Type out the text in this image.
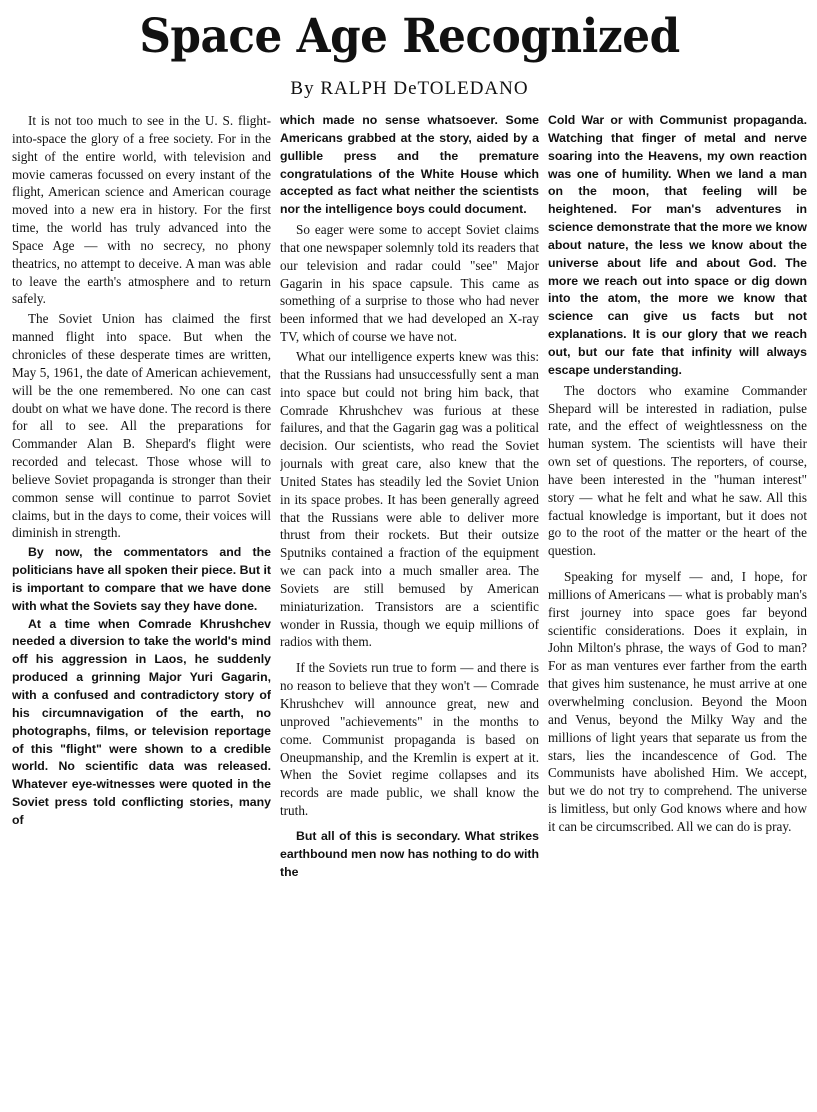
Space Age Recognized
By RALPH DeTOLEDANO

It is not too much to see in the U. S. flight-into-space the glory of a free society. For in the sight of the entire world, with television and movie cameras focussed on every instant of the flight, American science and American courage moved into a new era in history. For the first time, the world has truly advanced into the Space Age — with no secrecy, no phony theatrics, no attempt to deceive. A man was able to leave the earth's atmosphere and to return safely.

The Soviet Union has claimed the first manned flight into space. But when the chronicles of these desperate times are written, May 5, 1961, the date of American achievement, will be the one remembered. No one can cast doubt on what we have done. The record is there for all to see. All the preparations for Commander Alan B. Shepard's flight were recorded and telecast. Those whose will to believe Soviet propaganda is stronger than their common sense will continue to parrot Soviet claims, but in the days to come, their voices will diminish in strength.

By now, the commentators and the politicians have all spoken their piece. But it is important to compare that we have done with what the Soviets say they have done.

At a time when Comrade Khrushchev needed a diversion to take the world's mind off his aggression in Laos, he suddenly produced a grinning Major Yuri Gagarin, with a confused and contradictory story of his circumnavigation of the earth, no photographs, films, or television reportage of this "flight" were shown to a credible world. No scientific data was released. Whatever eye-witnesses were quoted in the Soviet press told conflicting stories, many of

which made no sense whatsoever. Some Americans grabbed at the story, aided by a gullible press and the premature congratulations of the White House which accepted as fact what neither the scientists nor the intelligence boys could document.

So eager were some to accept Soviet claims that one newspaper solemnly told its readers that our television and radar could "see" Major Gagarin in his space capsule. This came as something of a surprise to those who had never been informed that we had developed an X-ray TV, which of course we have not.

What our intelligence experts knew was this: that the Russians had unsuccessfully sent a man into space but could not bring him back, that Comrade Khrushchev was furious at these failures, and that the Gagarin gag was a political decision. Our scientists, who read the Soviet journals with great care, also knew that the United States has steadily led the Soviet Union in its space probes. It has been generally agreed that the Russians were able to deliver more thrust from their rockets. But their outsize Sputniks contained a fraction of the equipment we can pack into a much smaller area. The Soviets are still bemused by American miniaturization. Transistors are a scientific wonder in Russia, though we equip millions of radios with them.

If the Soviets run true to form — and there is no reason to believe that they won't — Comrade Khrushchev will announce great, new and unproved "achievements" in the months to come. Communist propaganda is based on Oneupmanship, and the Kremlin is expert at it. When the Soviet regime collapses and its records are made public, we shall know the truth.

But all of this is secondary. What strikes earthbound men now has nothing to do with the

Cold War or with Communist propaganda. Watching that finger of metal and nerve soaring into the Heavens, my own reaction was one of humility. When we land a man on the moon, that feeling will be heightened. For man's adventures in science demonstrate that the more we know about nature, the less we know about the universe about life and about God. The more we reach out into space or dig down into the atom, the more we know that science can give us facts but not explanations. It is our glory that we reach out, but our fate that infinity will always escape understanding.

The doctors who examine Commander Shepard will be interested in radiation, pulse rate, and the effect of weightlessness on the human system. The scientists will have their own set of questions. The reporters, of course, have been interested in the "human interest" story — what he felt and what he saw. All this factual knowledge is important, but it does not go to the root of the matter or the heart of the question.

Speaking for myself — and, I hope, for millions of Americans — what is probably man's first journey into space goes far beyond scientific considerations. Does it explain, in John Milton's phrase, the ways of God to man? For as man ventures ever farther from the earth that gives him sustenance, he must arrive at one overwhelming conclusion. Beyond the Moon and Venus, beyond the Milky Way and the millions of light years that separate us from the stars, lies the incandescence of God. The Communists have abolished Him. We accept, but we do not try to comprehend. The universe is limitless, but only God knows where and how it can be circumscribed. All we can do is pray.
